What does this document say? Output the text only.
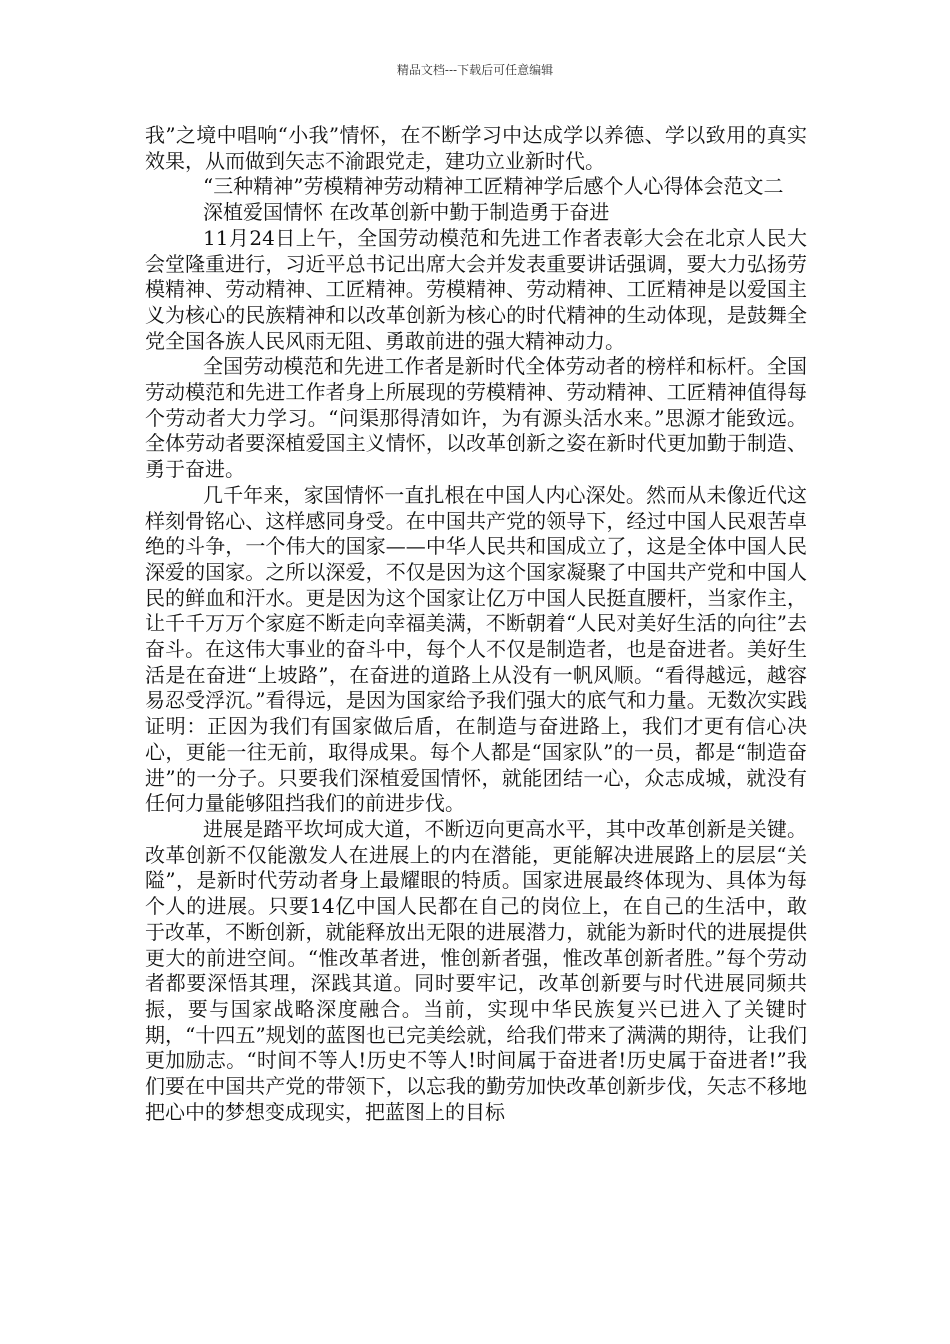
精品文档---下载后可任意编辑

我”之境中唱响“小我”情怀，在不断学习中达成学以养德、学以致用的真实效果，从而做到矢志不渝跟党走，建功立业新时代。

“三种精神”劳模精神劳动精神工匠精神学后感个人心得体会范文二

深植爱国情怀 在改革创新中勤于制造勇于奋进

11月24日上午，全国劳动模范和先进工作者表彰大会在北京人民大会堂隆重进行，习近平总书记出席大会并发表重要讲话强调，要大力弘扬劳模精神、劳动精神、工匠精神。劳模精神、劳动精神、工匠精神是以爱国主义为核心的民族精神和以改革创新为核心的时代精神的生动体现，是鼓舞全党全国各族人民风雨无阻、勇敢前进的强大精神动力。

全国劳动模范和先进工作者是新时代全体劳动者的榜样和标杆。全国劳动模范和先进工作者身上所展现的劳模精神、劳动精神、工匠精神值得每个劳动者大力学习。“问渠那得清如许，为有源头活水来。”思源才能致远。全体劳动者要深植爱国主义情怀，以改革创新之姿在新时代更加勤于制造、勇于奋进。

几千年来，家国情怀一直扎根在中国人内心深处。然而从未像近代这样刻骨铭心、这样感同身受。在中国共产党的领导下，经过中国人民艰苦卓绝的斗争，一个伟大的国家——中华人民共和国成立了，这是全体中国人民深爱的国家。之所以深爱，不仅是因为这个国家凝聚了中国共产党和中国人民的鲜血和汗水。更是因为这个国家让亿万中国人民挺直腰杆，当家作主，让千千万万个家庭不断走向幸福美满，不断朝着“人民对美好生活的向往”去奋斗。在这伟大事业的奋斗中，每个人不仅是制造者，也是奋进者。美好生活是在奋进“上坡路”，在奋进的道路上从没有一帆风顺。“看得越远，越容易忍受浮沉。”看得远，是因为国家给予我们强大的底气和力量。无数次实践证明：正因为我们有国家做后盾，在制造与奋进路上，我们才更有信心决心，更能一往无前，取得成果。每个人都是“国家队”的一员，都是“制造奋进”的一分子。只要我们深植爱国情怀，就能团结一心，众志成城，就没有任何力量能够阻挡我们的前进步伐。

进展是踏平坎坷成大道，不断迈向更高水平，其中改革创新是关键。改革创新不仅能激发人在进展上的内在潜能，更能解决进展路上的层层“关隘”，是新时代劳动者身上最耀眼的特质。国家进展最终体现为、具体为每个人的进展。只要14亿中国人民都在自己的岗位上，在自己的生活中，敢于改革，不断创新，就能释放出无限的进展潜力，就能为新时代的进展提供更大的前进空间。“惟改革者进，惟创新者强，惟改革创新者胜。”每个劳动者都要深悟其理，深践其道。同时要牢记，改革创新要与时代进展同频共振，要与国家战略深度融合。当前，实现中华民族复兴已进入了关键时期，“十四五”规划的蓝图也已完美绘就，给我们带来了满满的期待，让我们更加励志。“时间不等人!历史不等人!时间属于奋进者!历史属于奋进者!”我们要在中国共产党的带领下，以忘我的勤劳加快改革创新步伐，矢志不移地把心中的梦想变成现实，把蓝图上的目标
